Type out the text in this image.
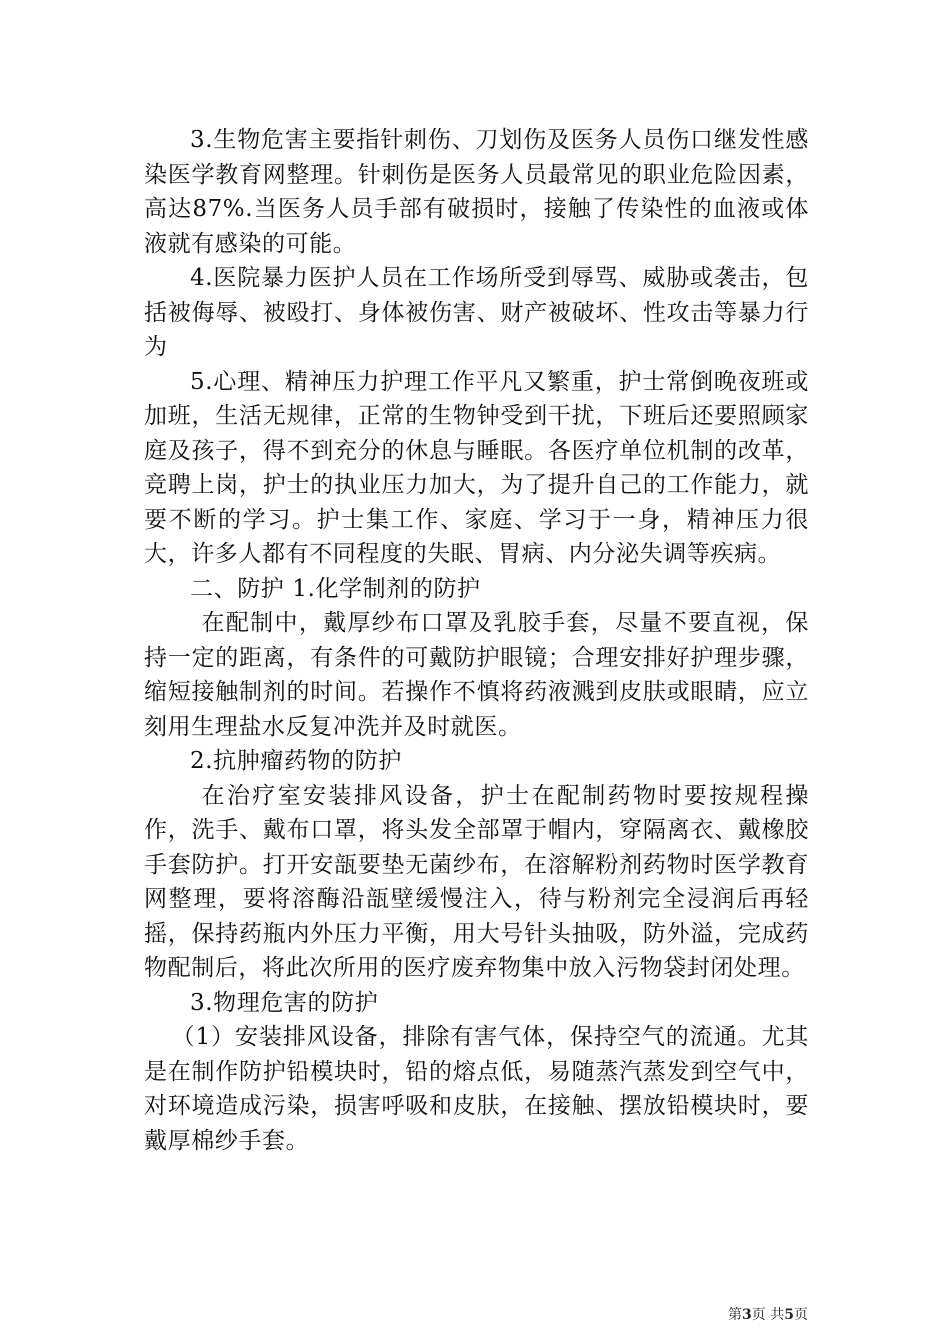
3.生物危害主要指针刺伤、刀划伤及医务人员伤口继发性感染医学教育网整理。针刺伤是医务人员最常见的职业危险因素，高达87%.当医务人员手部有破损时，接触了传染性的血液或体液就有感染的可能。

4.医院暴力医护人员在工作场所受到辱骂、威胁或袭击，包括被侮辱、被殴打、身体被伤害、财产被破坏、性攻击等暴力行为

5.心理、精神压力护理工作平凡又繁重，护士常倒晚夜班或加班，生活无规律，正常的生物钟受到干扰，下班后还要照顾家庭及孩子，得不到充分的休息与睡眠。各医疗单位机制的改革，竞聘上岗，护士的执业压力加大，为了提升自己的工作能力，就要不断的学习。护士集工作、家庭、学习于一身，精神压力很大，许多人都有不同程度的失眠、胃病、内分泌失调等疾病。

二、防护 1.化学制剂的防护

在配制中，戴厚纱布口罩及乳胶手套，尽量不要直视，保持一定的距离，有条件的可戴防护眼镜；合理安排好护理步骤，缩短接触制剂的时间。若操作不慎将药液溅到皮肤或眼睛，应立刻用生理盐水反复冲洗并及时就医。

2.抗肿瘤药物的防护

在治疗室安装排风设备，护士在配制药物时要按规程操作，洗手、戴布口罩，将头发全部罩于帽内，穿隔离衣、戴橡胶手套防护。打开安瓿要垫无菌纱布，在溶解粉剂药物时医学教育网整理，要将溶酶沿瓿壁缓慢注入，待与粉剂完全浸润后再轻摇，保持药瓶内外压力平衡，用大号针头抽吸，防外溢，完成药物配制后，将此次所用的医疗废弃物集中放入污物袋封闭处理。

3.物理危害的防护

（1）安装排风设备，排除有害气体，保持空气的流通。尤其是在制作防护铅模块时，铅的熔点低，易随蒸汽蒸发到空气中，对环境造成污染，损害呼吸和皮肤，在接触、摆放铅模块时，要戴厚棉纱手套。

第3页 共5页
